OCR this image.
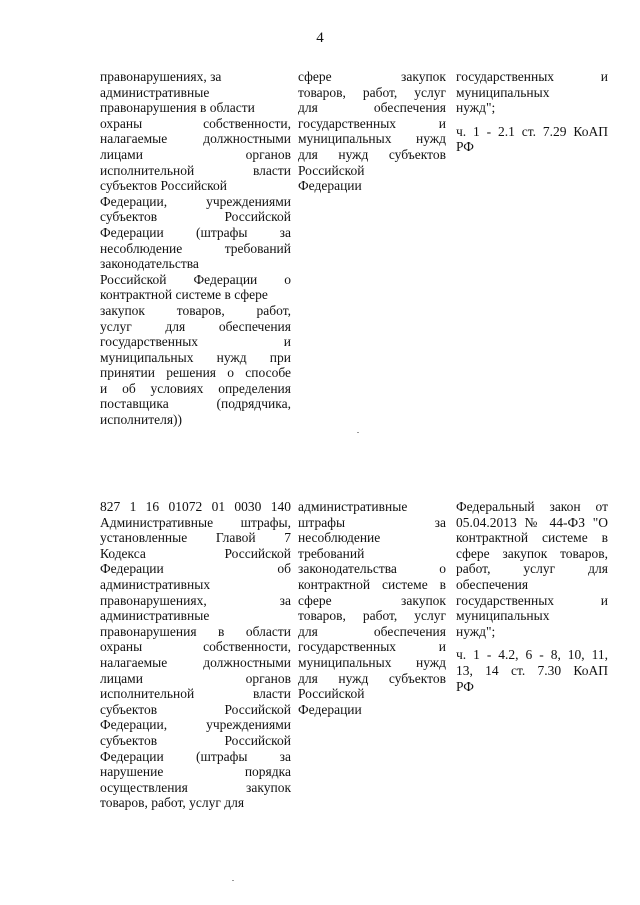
4
правонарушениях, за
административные
правонарушения в области
охраны собственности,
налагаемые должностными
лицами органов
исполнительной власти
субъектов Российской
Федерации, учреждениями
субъектов Российской
Федерации (штрафы за
несоблюдение требований
законодательства
Российской Федерации о
контрактной системе в сфере
закупок товаров, работ,
услуг для обеспечения
государственных и
муниципальных нужд при
принятии решения о способе
и об условиях определения
поставщика (подрядчика,
исполнителя))
сфере закупок
товаров, работ, услуг
для обеспечения
государственных и
муниципальных нужд
для нужд субъектов
Российской
Федерации
государственных и
муниципальных
нужд";
ч. 1 - 2.1 ст. 7.29 КоАП
РФ
827 1 16 01072 01 0030 140
Административные штрафы,
установленные Главой 7
Кодекса Российской
Федерации об
административных
правонарушениях, за
административные
правонарушения в области
охраны собственности,
налагаемые должностными
лицами органов
исполнительной власти
субъектов Российской
Федерации, учреждениями
субъектов Российской
Федерации (штрафы за
нарушение порядка
осуществления закупок
товаров, работ, услуг для
административные
штрафы за
несоблюдение
требований
законодательства о
контрактной системе в
сфере закупок
товаров, работ, услуг
для обеспечения
государственных и
муниципальных нужд
для нужд субъектов
Российской
Федерации
Федеральный закон от
05.04.2013 № 44-ФЗ "О
контрактной системе в
сфере закупок товаров,
работ, услуг для
обеспечения
государственных и
муниципальных
нужд";
ч. 1 - 4.2, 6 - 8, 10, 11,
13, 14 ст. 7.30 КоАП
РФ
